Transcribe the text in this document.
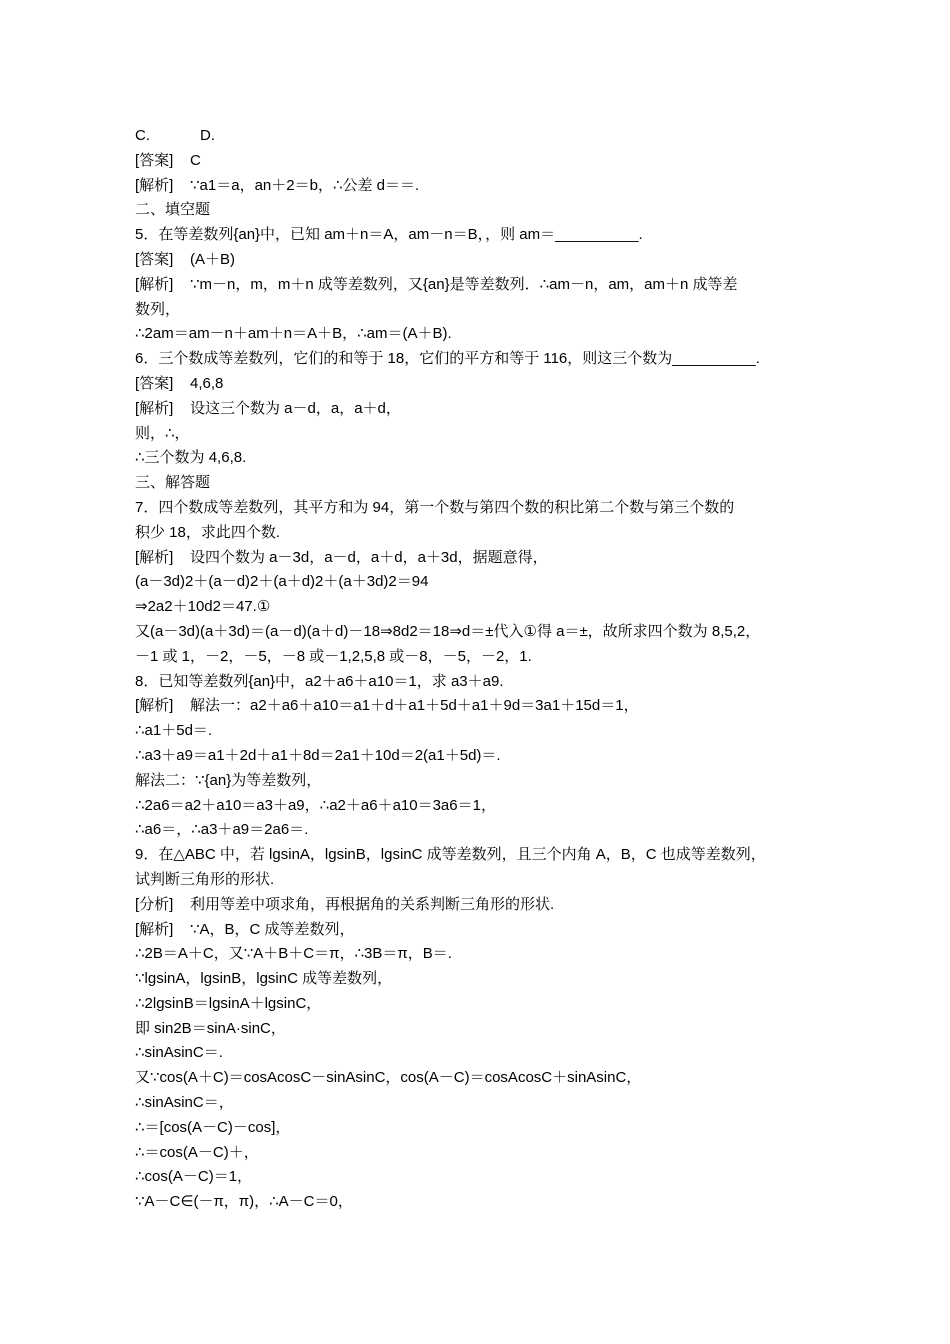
C.            D.
[答案]    C
[解析]    ∵a1＝a，an＋2＝b，∴公差 d＝＝.
二、填空题
5．在等差数列{an}中，已知 am＋n＝A，am－n＝B，，则 am＝__________.
[答案]    (A＋B)
[解析]    ∵m－n，m，m＋n 成等差数列，又{an}是等差数列．∴am－n，am，am＋n 成等差
数列，
∴2am＝am－n＋am＋n＝A＋B，∴am＝(A＋B).
6．三个数成等差数列，它们的和等于 18，它们的平方和等于 116，则这三个数为__________.
[答案]    4,6,8
[解析]    设这三个数为 a－d，a，a＋d，
则，∴，
∴三个数为 4,6,8.
三、解答题
7．四个数成等差数列，其平方和为 94，第一个数与第四个数的积比第二个数与第三个数的
积少 18，求此四个数.
[解析]    设四个数为 a－3d，a－d，a＋d，a＋3d，据题意得，
(a－3d)2＋(a－d)2＋(a＋d)2＋(a＋3d)2＝94
⇒2a2＋10d2＝47.①
又(a－3d)(a＋3d)＝(a－d)(a＋d)－18⇒8d2＝18⇒d＝±代入①得 a＝±，故所求四个数为 8,5,2，
－1 或 1，－2，－5，－8 或－1,2,5,8 或－8，－5，－2，1.
8．已知等差数列{an}中，a2＋a6＋a10＝1，求 a3＋a9.
[解析]    解法一：a2＋a6＋a10＝a1＋d＋a1＋5d＋a1＋9d＝3a1＋15d＝1，
∴a1＋5d＝.
∴a3＋a9＝a1＋2d＋a1＋8d＝2a1＋10d＝2(a1＋5d)＝.
解法二：∵{an}为等差数列，
∴2a6＝a2＋a10＝a3＋a9，∴a2＋a6＋a10＝3a6＝1，
∴a6＝，∴a3＋a9＝2a6＝.
9．在△ABC 中，若 lgsinA，lgsinB，lgsinC 成等差数列，且三个内角 A，B，C 也成等差数列，
试判断三角形的形状.
[分析]    利用等差中项求角，再根据角的关系判断三角形的形状.
[解析]    ∵A，B，C 成等差数列，
∴2B＝A＋C，又∵A＋B＋C＝π，∴3B＝π，B＝.
∵lgsinA，lgsinB，lgsinC 成等差数列，
∴2lgsinB＝lgsinA＋lgsinC，
即 sin2B＝sinA·sinC，
∴sinAsinC＝.
又∵cos(A＋C)＝cosAcosC－sinAsinC，cos(A－C)＝cosAcosC＋sinAsinC，
∴sinAsinC＝，
∴＝[cos(A－C)－cos]，
∴＝cos(A－C)＋，
∴cos(A－C)＝1，
∵A－C∈(－π，π)，∴A－C＝0，
